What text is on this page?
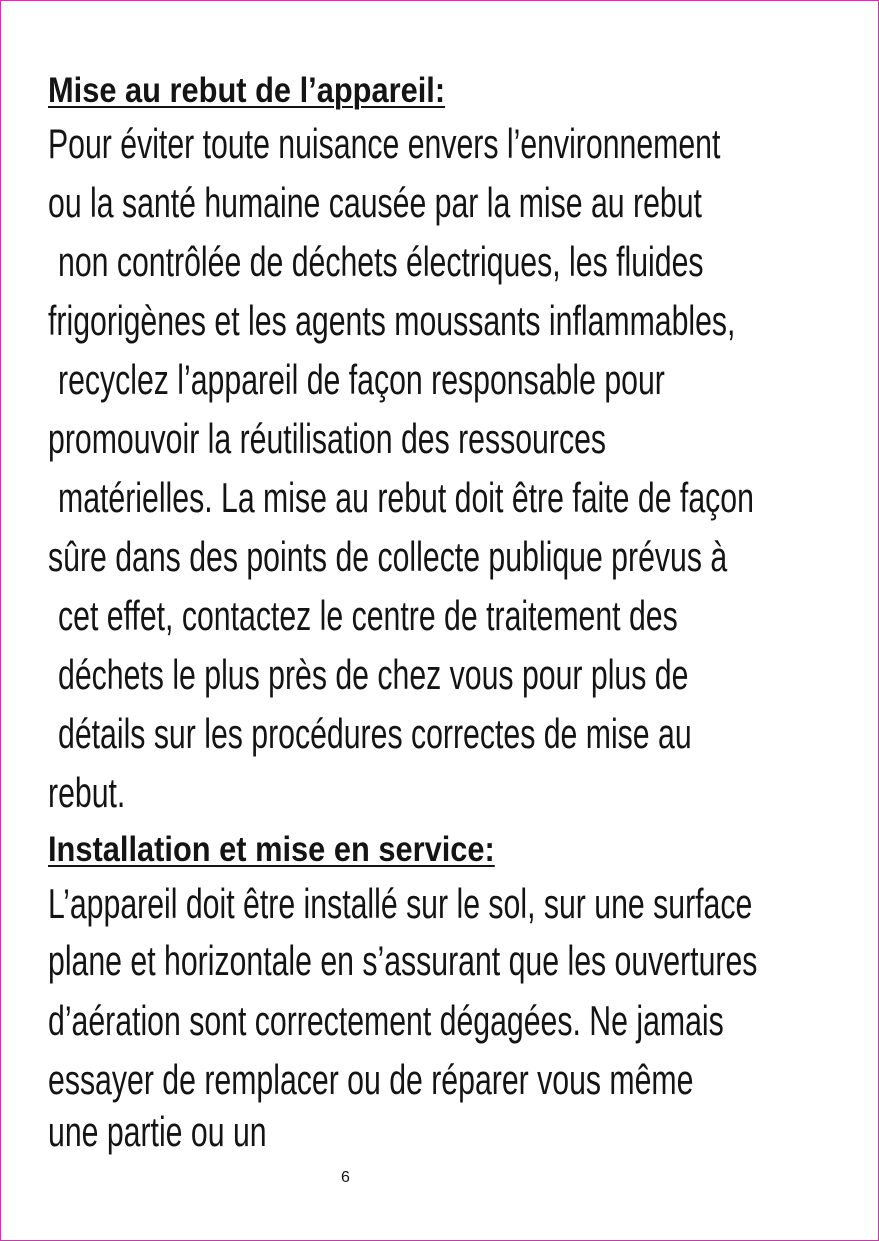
Mise au rebut de l’appareil:
Pour éviter toute nuisance envers l’environnement
ou la santé humaine causée par la mise au rebut
non contrôlée de déchets électriques, les fluides
frigorigènes et les agents moussants inflammables,
recyclez l’appareil de façon responsable pour
promouvoir la réutilisation des ressources
matérielles. La mise au rebut doit être faite de façon
sûre dans des points de collecte publique prévus à
cet effet, contactez le centre de traitement des
déchets le plus près de chez vous pour plus de
détails sur les procédures correctes de mise au
rebut.
Installation et mise en service:
L’appareil doit être installé sur le sol, sur une surface
plane et horizontale en s’assurant que les ouvertures
d’aération sont correctement dégagées. Ne jamais
essayer de remplacer ou de réparer vous même
une partie ou un
6
